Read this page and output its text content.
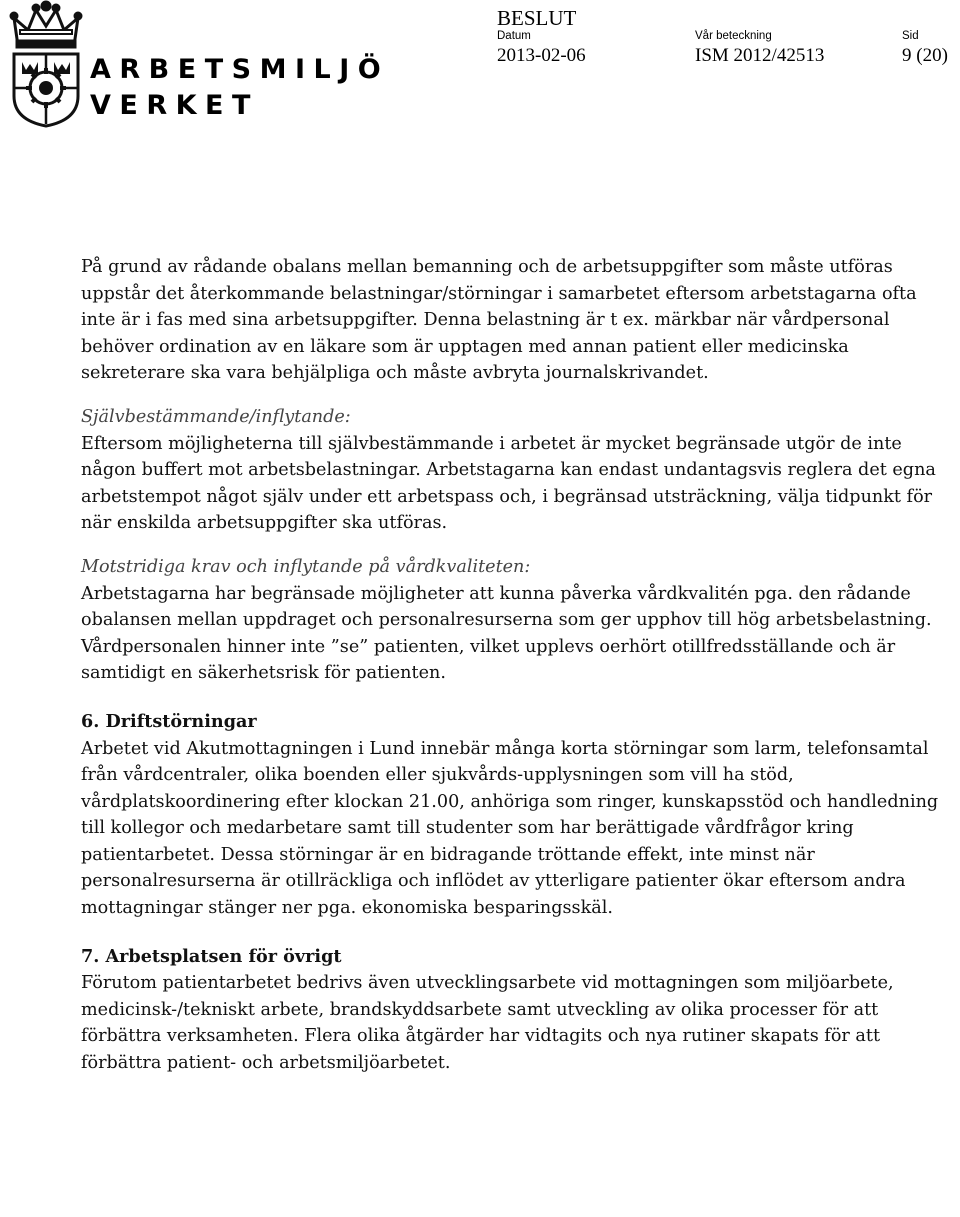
ARBETSMILJÖ
VERKET
BESLUT
Datum
2013-02-06
Vår beteckning
ISM 2012/42513
Sid
9 (20)

På grund av rådande obalans mellan bemanning och de arbetsuppgifter som måste utföras uppstår det återkommande belastningar/störningar i samarbetet eftersom arbetstagarna ofta inte är i fas med sina arbetsuppgifter. Denna belastning är t ex. märkbar när vårdpersonal behöver ordination av en läkare som är upptagen med annan patient eller medicinska sekreterare ska vara behjälpliga och måste avbryta journalskrivandet.

Självbestämmande/inflytande:

Eftersom möjligheterna till självbestämmande i arbetet är mycket begränsade utgör de inte någon buffert mot arbetsbelastningar. Arbetstagarna kan endast undantagsvis reglera det egna arbetstempot något själv under ett arbetspass och, i begränsad utsträckning, välja tidpunkt för när enskilda arbetsuppgifter ska utföras.

Motstridiga krav och inflytande på vårdkvaliteten:

Arbetstagarna har begränsade möjligheter att kunna påverka vårdkvalitén pga. den rådande obalansen mellan uppdraget och personalresurserna som ger upphov till hög arbetsbelastning. Vårdpersonalen hinner inte ”se” patienten, vilket upplevs oerhört otillfredsställande och är samtidigt en säkerhetsrisk för patienten.

6. Driftstörningar

Arbetet vid Akutmottagningen i Lund innebär många korta störningar som larm, telefonsamtal från vårdcentraler, olika boenden eller sjukvårds-upplysningen som vill ha stöd, vårdplatskoordinering efter klockan 21.00, anhöriga som ringer, kunskapsstöd och handledning till kollegor och medarbetare samt till studenter som har berättigade vårdfrågor kring patientarbetet. Dessa störningar är en bidragande tröttande effekt, inte minst när personalresurserna är otillräckliga och inflödet av ytterligare patienter ökar eftersom andra mottagningar stänger ner pga. ekonomiska besparingsskäl.

7. Arbetsplatsen för övrigt

Förutom patientarbetet bedrivs även utvecklingsarbete vid mottagningen som miljöarbete, medicinsk-/tekniskt arbete, brandskyddsarbete samt utveckling av olika processer för att förbättra verksamheten. Flera olika åtgärder har vidtagits och nya rutiner skapats för att förbättra patient- och arbetsmiljöarbetet.
